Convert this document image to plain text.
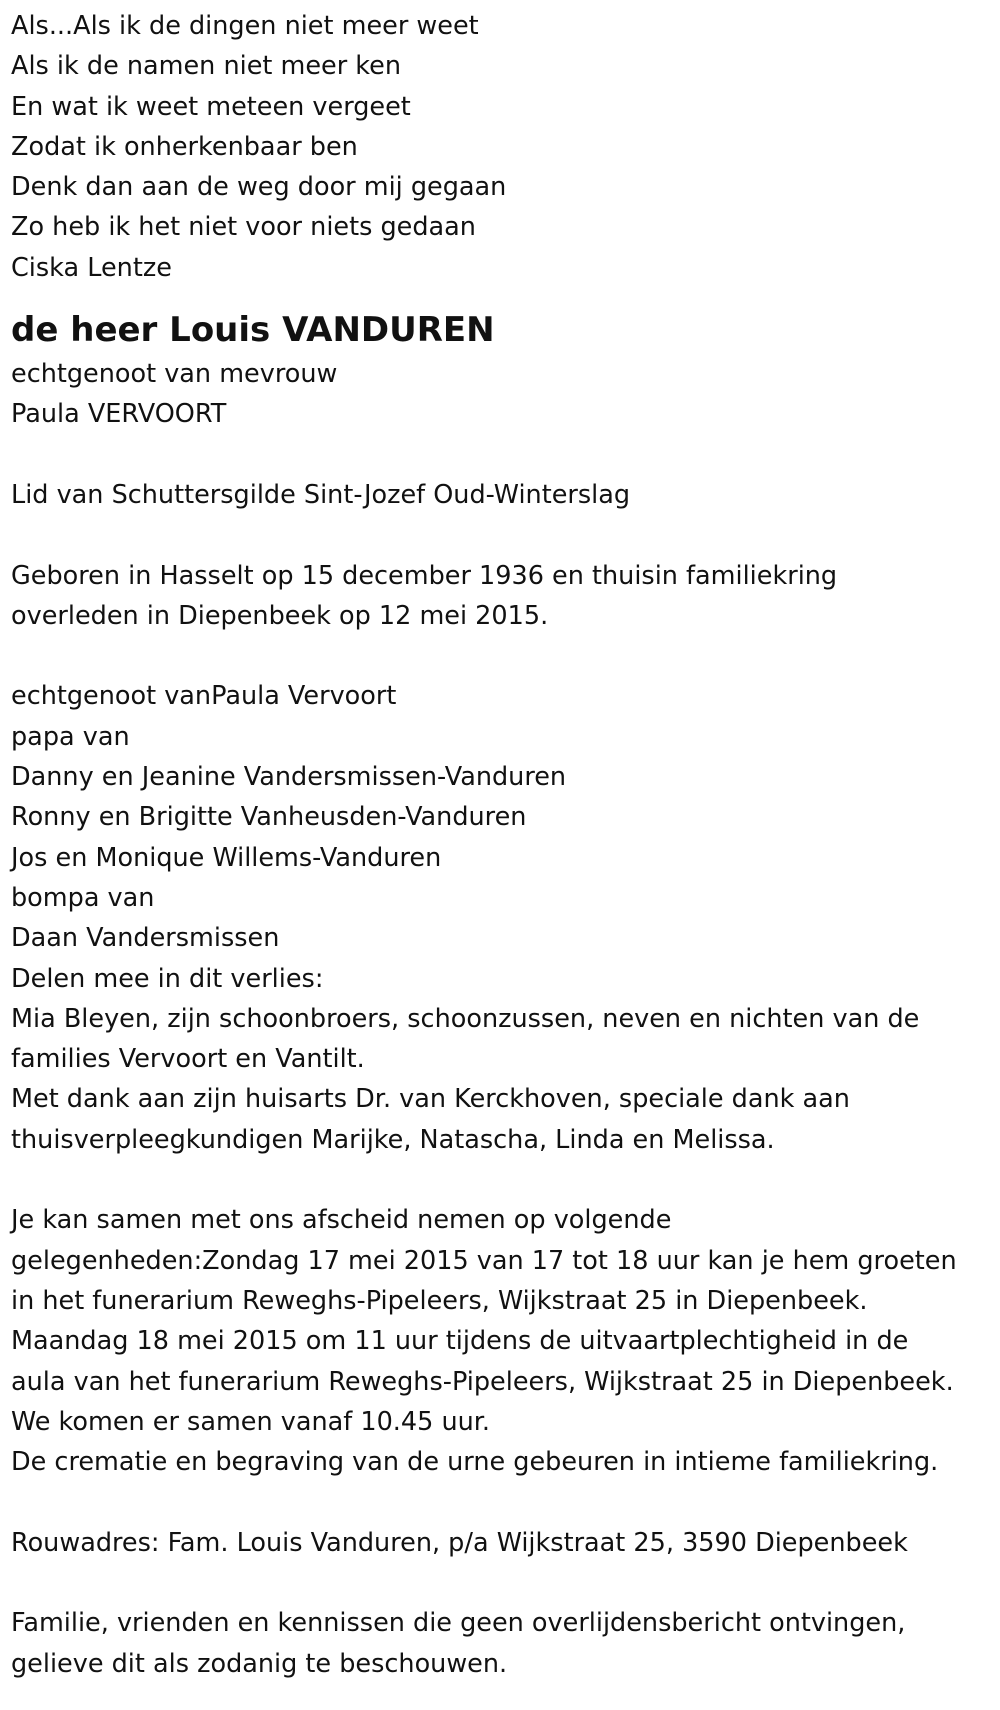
Als...Als ik de dingen niet meer weet
Als ik de namen niet meer ken
En wat ik weet meteen vergeet
Zodat ik onherkenbaar ben
Denk dan aan de weg door mij gegaan
Zo heb ik het niet voor niets gedaan
Ciska Lentze
de heer Louis VANDUREN
echtgenoot van mevrouw
Paula VERVOORT
Lid van Schuttersgilde Sint-Jozef Oud-Winterslag
Geboren in Hasselt op 15 december 1936 en thuisin familiekring
overleden in Diepenbeek op 12 mei 2015.
echtgenoot vanPaula Vervoort
papa van
Danny en Jeanine Vandersmissen-Vanduren
Ronny en Brigitte Vanheusden-Vanduren
Jos en Monique Willems-Vanduren
bompa van
Daan Vandersmissen
Delen mee in dit verlies:
Mia Bleyen, zijn schoonbroers, schoonzussen, neven en nichten van de
families Vervoort en Vantilt.
Met dank aan zijn huisarts Dr. van Kerckhoven, speciale dank aan
thuisverpleegkundigen Marijke, Natascha, Linda en Melissa.
Je kan samen met ons afscheid nemen op volgende
gelegenheden:Zondag 17 mei 2015 van 17 tot 18 uur kan je hem groeten
in het funerarium Reweghs-Pipeleers, Wijkstraat 25 in Diepenbeek.
Maandag 18 mei 2015 om 11 uur tijdens de uitvaartplechtigheid in de
aula van het funerarium Reweghs-Pipeleers, Wijkstraat 25 in Diepenbeek.
We komen er samen vanaf 10.45 uur.
De crematie en begraving van de urne gebeuren in intieme familiekring.
Rouwadres: Fam. Louis Vanduren, p/a Wijkstraat 25, 3590 Diepenbeek
Familie, vrienden en kennissen die geen overlijdensbericht ontvingen,
gelieve dit als zodanig te beschouwen.
